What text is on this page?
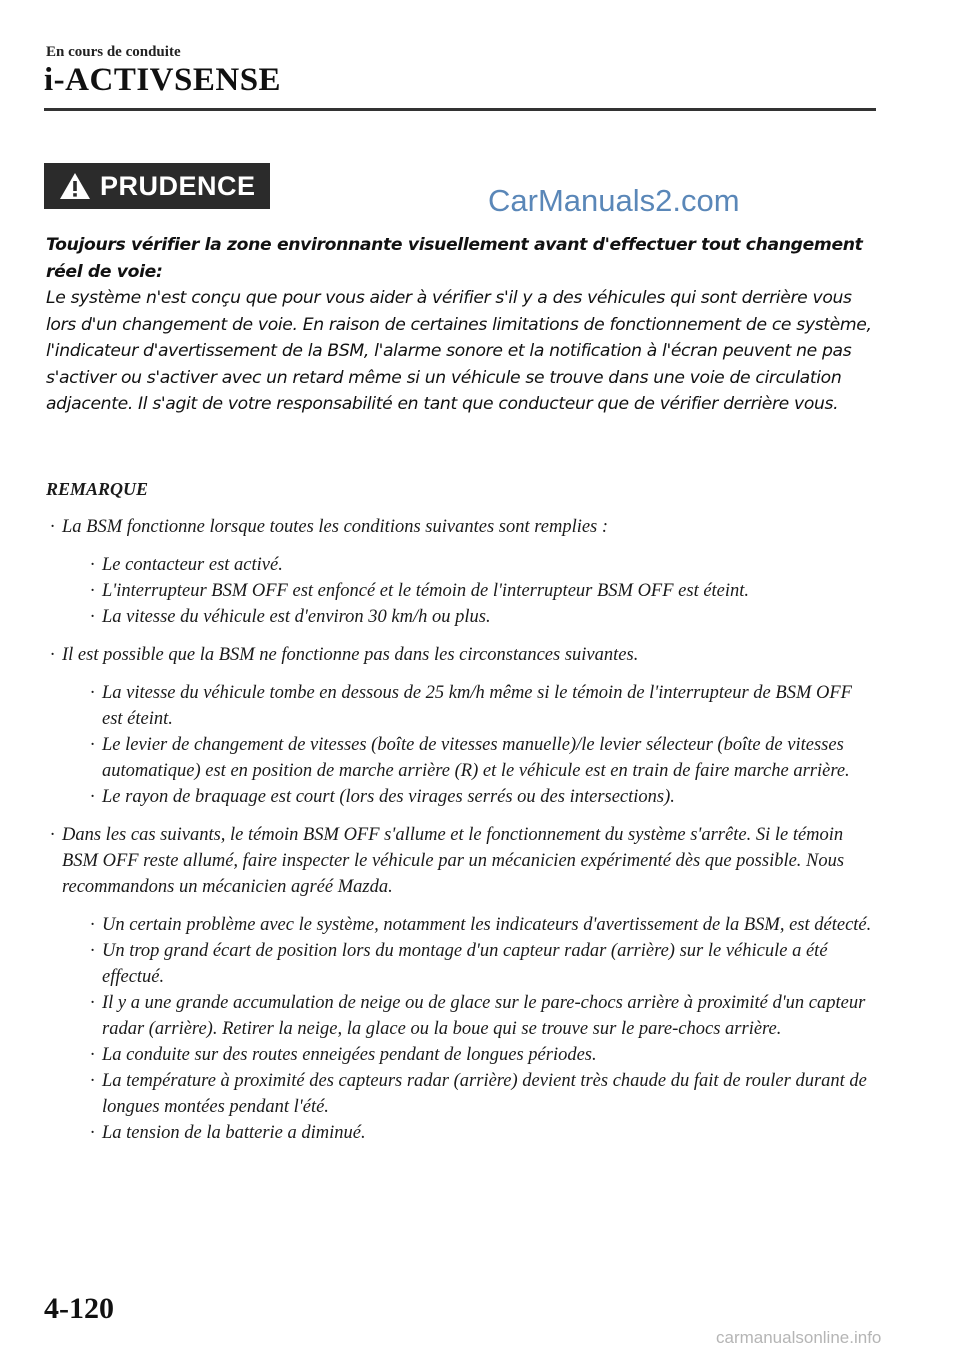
En cours de conduite
i-ACTIVSENSE
PRUDENCE	CarManuals2.com

Toujours vérifier la zone environnante visuellement avant d'effectuer tout changement réel de voie:

Le système n'est conçu que pour vous aider à vérifier s'il y a des véhicules qui sont derrière vous lors d'un changement de voie. En raison de certaines limitations de fonctionnement de ce système, l'indicateur d'avertissement de la BSM, l'alarme sonore et la notification à l'écran peuvent ne pas s'activer ou s'activer avec un retard même si un véhicule se trouve dans une voie de circulation adjacente. Il s'agit de votre responsabilité en tant que conducteur que de vérifier derrière vous.

REMARQUE
· La BSM fonctionne lorsque toutes les conditions suivantes sont remplies :
· Le contacteur est activé.
· L'interrupteur BSM OFF est enfoncé et le témoin de l'interrupteur BSM OFF est éteint.
· La vitesse du véhicule est d'environ 30 km/h ou plus.
· Il est possible que la BSM ne fonctionne pas dans les circonstances suivantes.
· La vitesse du véhicule tombe en dessous de 25 km/h même si le témoin de l'interrupteur de BSM OFF est éteint.
· Le levier de changement de vitesses (boîte de vitesses manuelle)/le levier sélecteur (boîte de vitesses automatique) est en position de marche arrière (R) et le véhicule est en train de faire marche arrière.
· Le rayon de braquage est court (lors des virages serrés ou des intersections).
· Dans les cas suivants, le témoin BSM OFF s'allume et le fonctionnement du système s'arrête. Si le témoin BSM OFF reste allumé, faire inspecter le véhicule par un mécanicien expérimenté dès que possible. Nous recommandons un mécanicien agréé Mazda.
· Un certain problème avec le système, notamment les indicateurs d'avertissement de la BSM, est détecté.
· Un trop grand écart de position lors du montage d'un capteur radar (arrière) sur le véhicule a été effectué.
· Il y a une grande accumulation de neige ou de glace sur le pare-chocs arrière à proximité d'un capteur radar (arrière). Retirer la neige, la glace ou la boue qui se trouve sur le pare-chocs arrière.
· La conduite sur des routes enneigées pendant de longues périodes.
· La température à proximité des capteurs radar (arrière) devient très chaude du fait de rouler durant de longues montées pendant l'été.
· La tension de la batterie a diminué.
4-120
carmanualsonline.info
